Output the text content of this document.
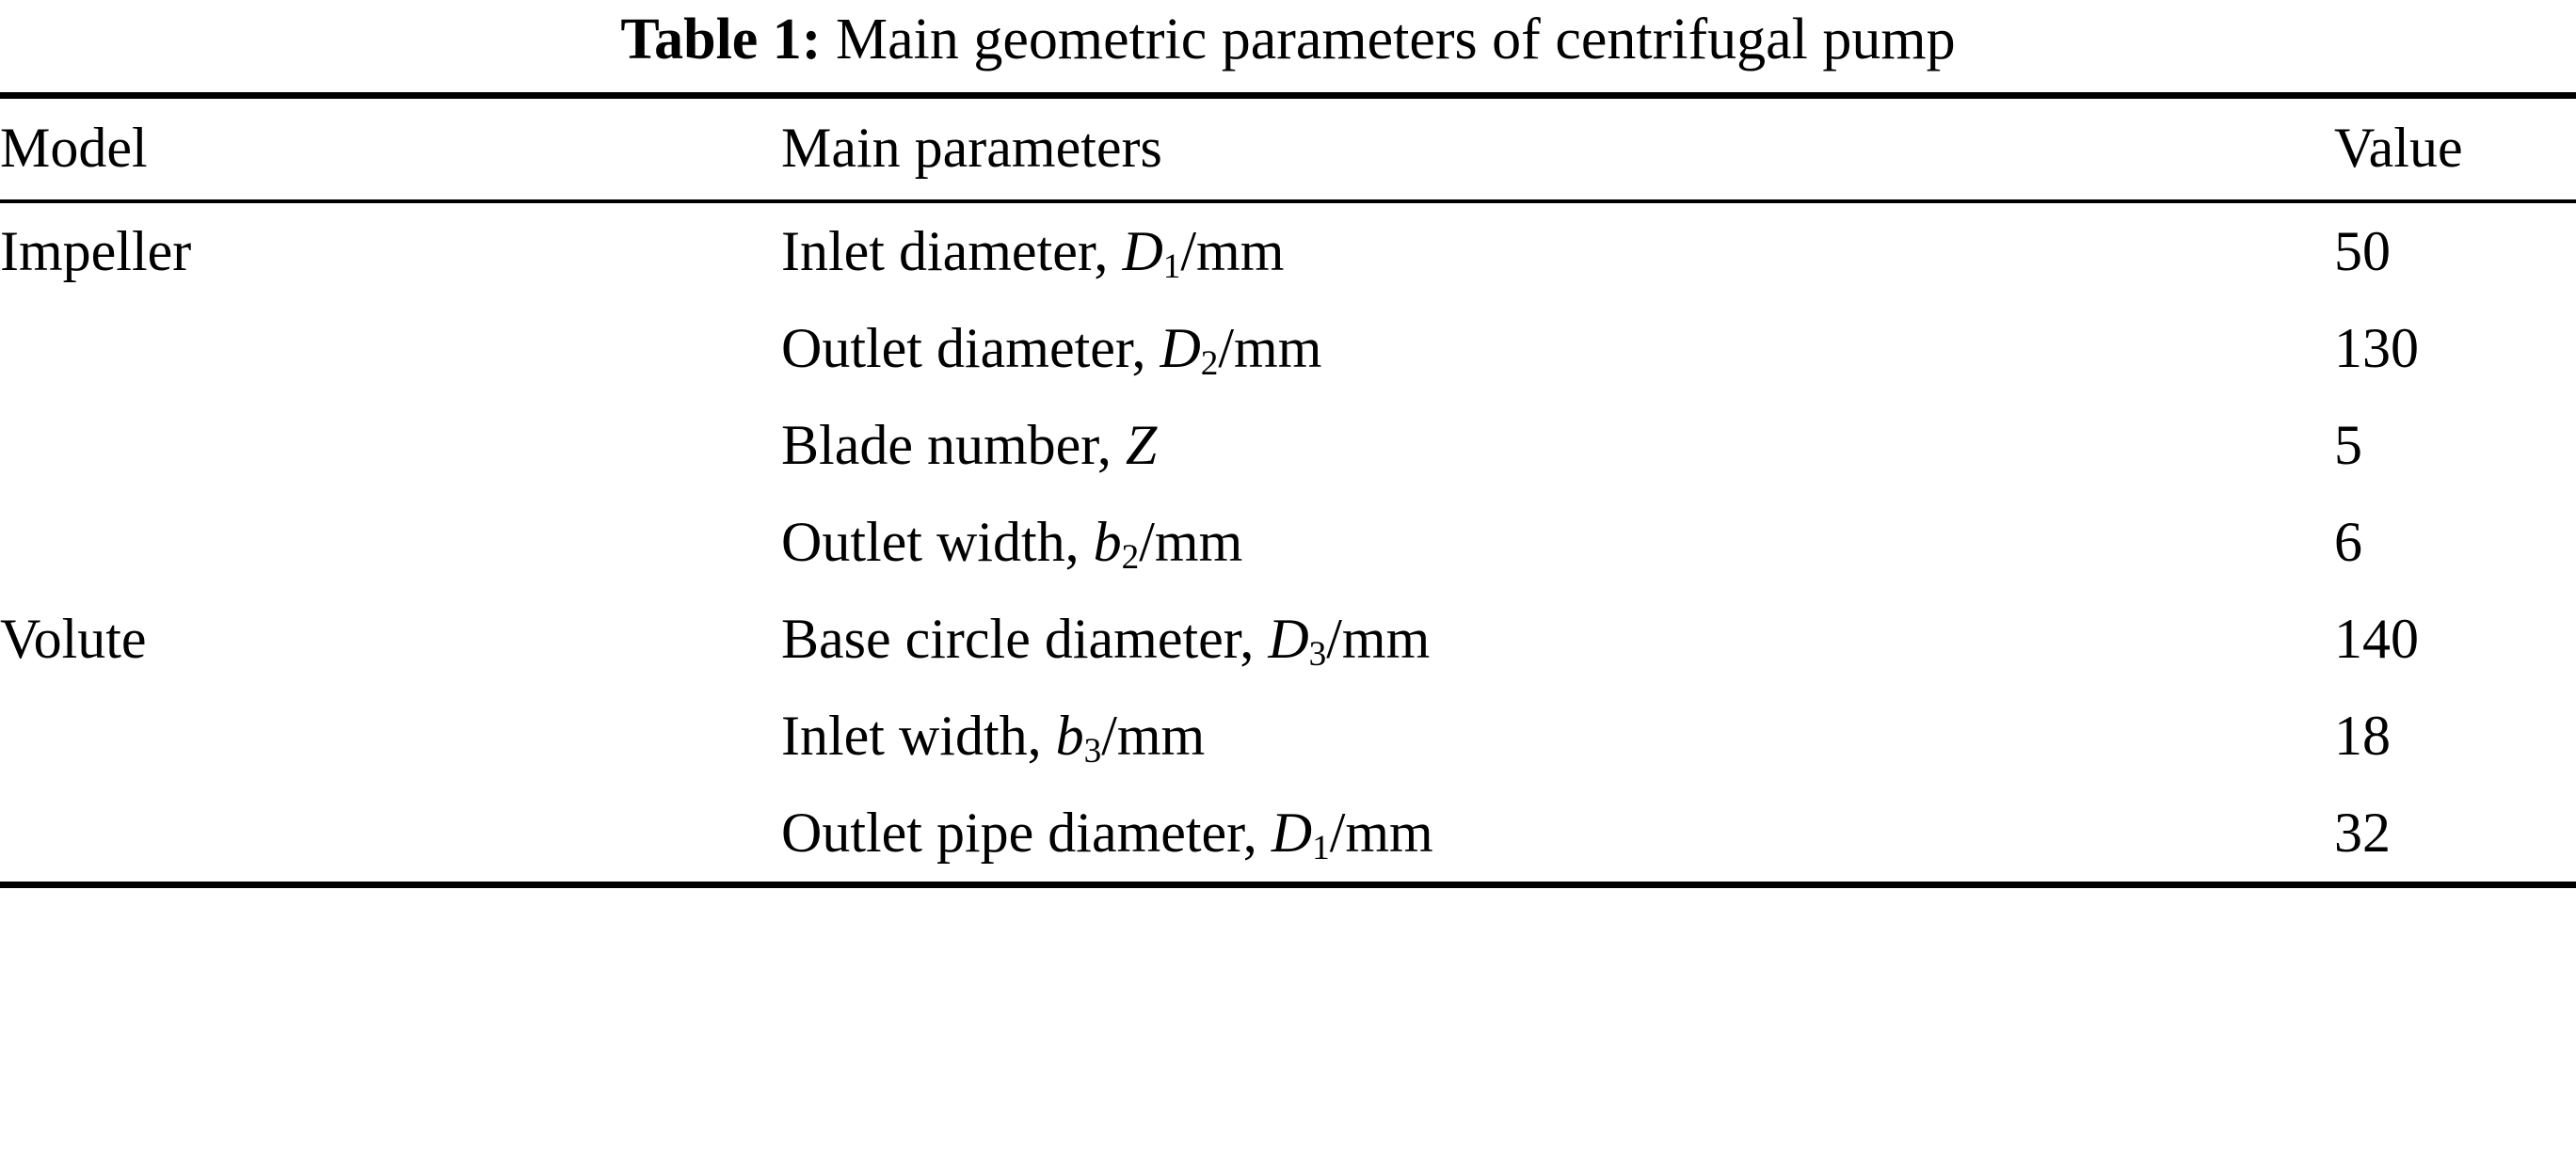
Table 1: Main geometric parameters of centrifugal pump
Model	Main parameters	Value
Impeller	Inlet diameter, $D_1/mm$	50
	Outlet diameter, $D_2/mm$	130
	Blade number, Z	5
	Outlet width, $b_2/mm$	6
Volute	Base circle diameter, $D_3/mm$	140
	Inlet width, $b_3/mm$	18
	Outlet pipe diameter, $D_1/mm$	32
